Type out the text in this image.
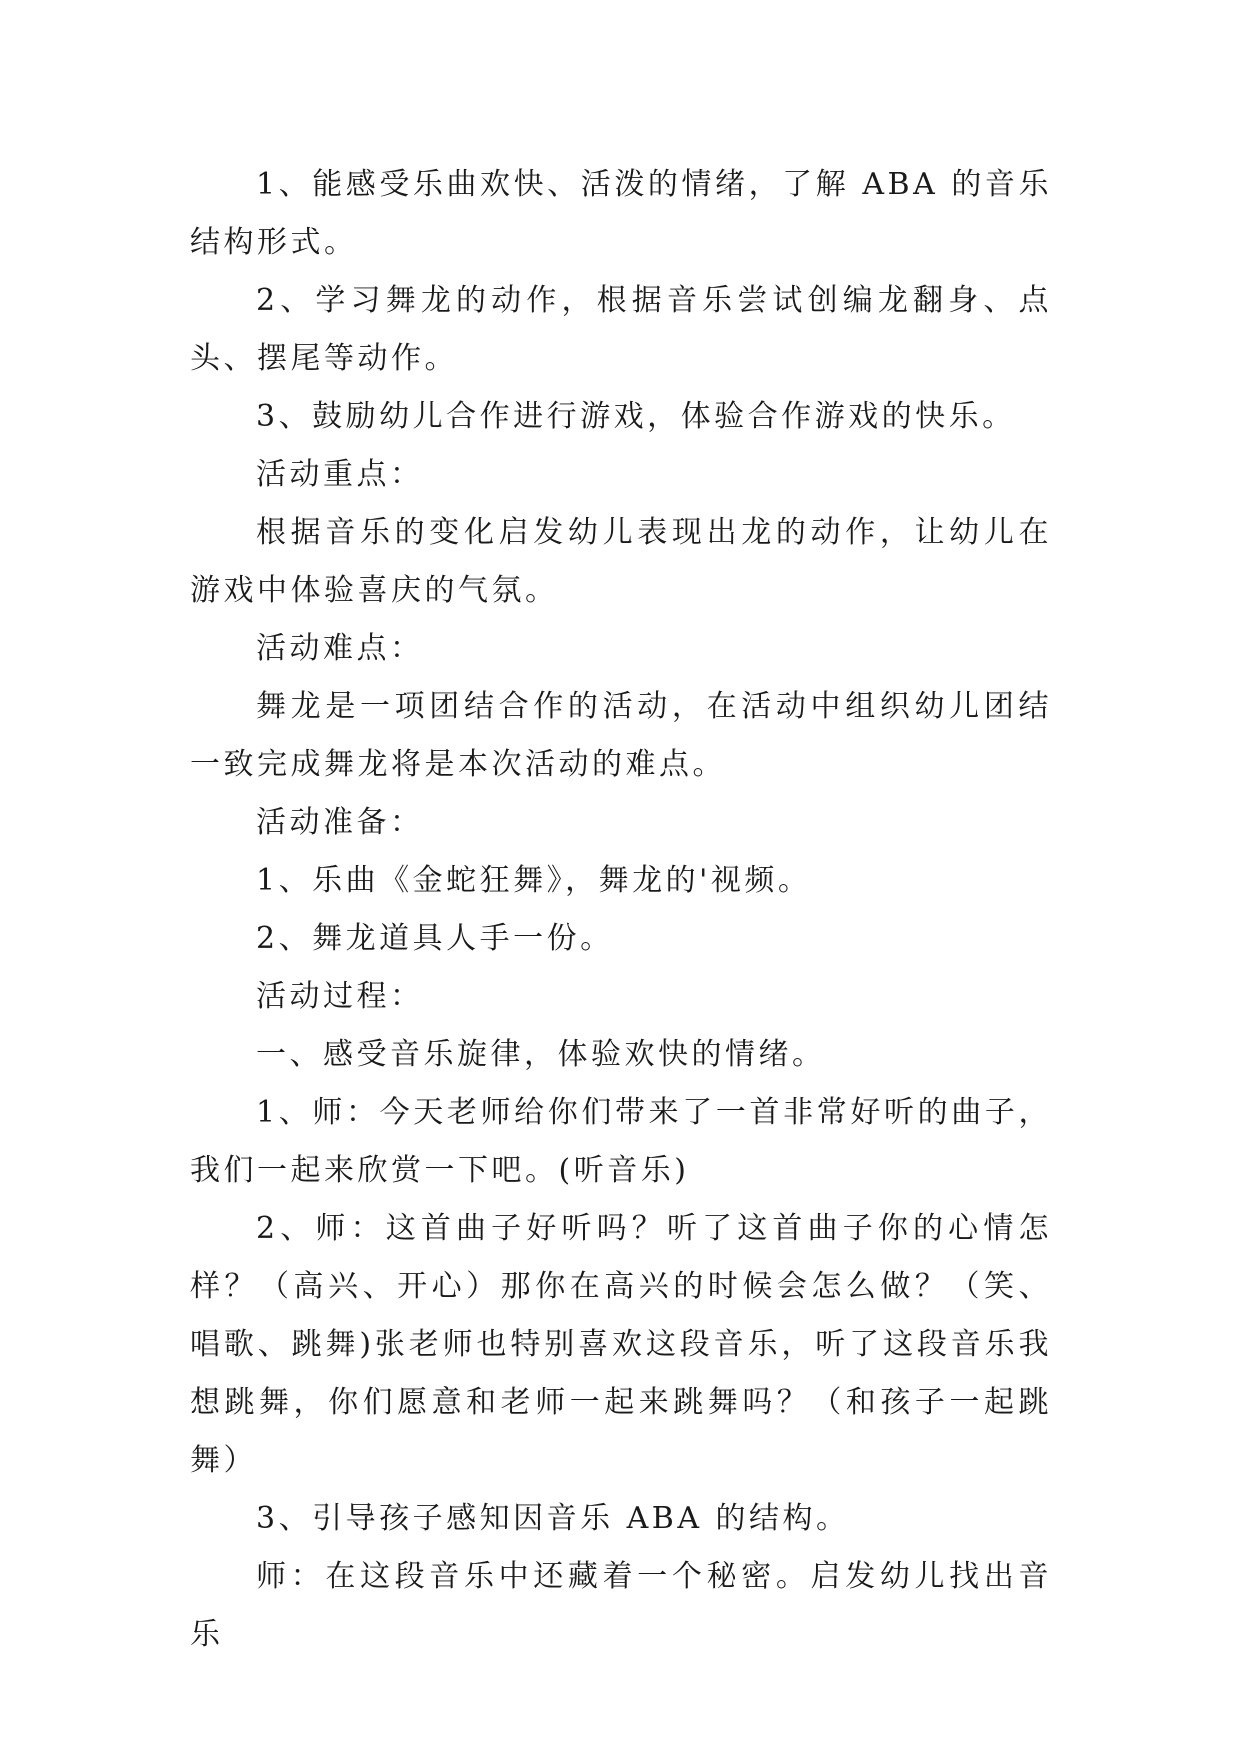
1、能感受乐曲欢快、活泼的情绪，了解 ABA 的音乐结构形式。

2、学习舞龙的动作，根据音乐尝试创编龙翻身、点头、摆尾等动作。

3、鼓励幼儿合作进行游戏，体验合作游戏的快乐。

活动重点：

根据音乐的变化启发幼儿表现出龙的动作，让幼儿在游戏中体验喜庆的气氛。

活动难点：

舞龙是一项团结合作的活动，在活动中组织幼儿团结一致完成舞龙将是本次活动的难点。

活动准备：

1、乐曲《金蛇狂舞》，舞龙的'视频。

2、舞龙道具人手一份。

活动过程：

一、感受音乐旋律，体验欢快的情绪。

1、师：今天老师给你们带来了一首非常好听的曲子，我们一起来欣赏一下吧。(听音乐)

2、师：这首曲子好听吗？听了这首曲子你的心情怎样？（高兴、开心）那你在高兴的时候会怎么做？（笑、唱歌、跳舞)张老师也特别喜欢这段音乐，听了这段音乐我想跳舞，你们愿意和老师一起来跳舞吗？（和孩子一起跳舞）

3、引导孩子感知因音乐 ABA 的结构。

师：在这段音乐中还藏着一个秘密。启发幼儿找出音乐
